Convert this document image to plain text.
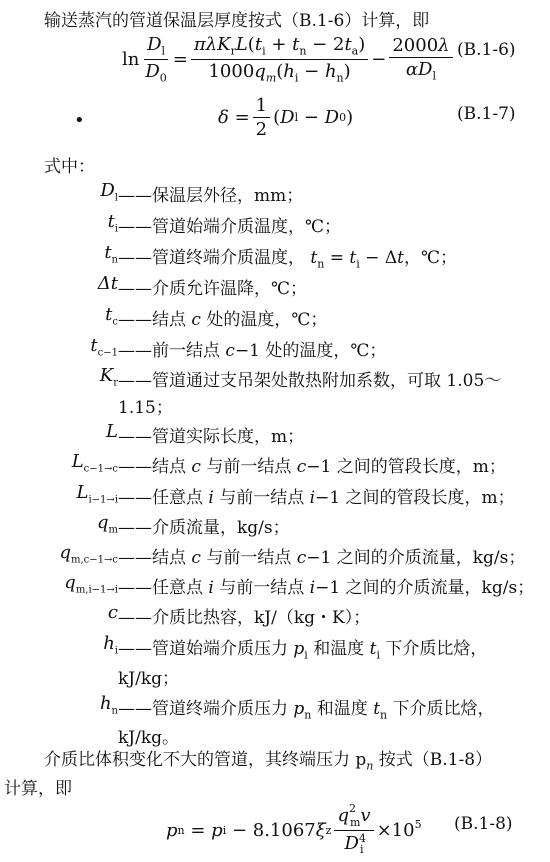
输送蒸汽的管道保温层厚度按式（B.1-6）计算，即
$\ln \frac{D_l}{D_0} = \frac{\pi\lambda K_rL(t_i + t_n - 2t_a)}{1000q_m(h_i - h_n)} - \frac{2000\lambda}{\alpha D_l} (B.1-6)$
$\delta = \frac{1}{2}$ ( D l − D 0 )
•	(B.1-7)
式中：
$D_l$ ——保温层外径，mm；
$t_i$ ——管道始端介质温度，℃；
$t_n$ ——管道终端介质温度， $t_n = t_i - \Delta t$，℃；
Δt ——介质允许温降，℃；
$t_c$ ——结点 c 处的温度，℃；
$t_{c-1}$ ——前一结点 c−1 处的温度，℃；
$K_r$ ——管道通过支吊架处散热附加系数，可取 1.05～
1.15；
L ——管道实际长度，m；
$L_{c-1\to c}$ ——结点 c 与前一结点 c−1 之间的管段长度，m；
$L_{i-1\to i}$ ——任意点 i 与前一结点 i−1 之间的管段长度，m；
$q_m$ ——介质流量，kg/s；
$q_{m,c-1\to c}$ ——结点 c 与前一结点 c−1 之间的介质流量，kg/s；
$q_{m,i-1\to i}$ ——任意点 i 与前一结点 i−1 之间的介质流量，kg/s；
c ——介质比热容，kJ/（kg・K）；
$h_i$ ——管道始端介质压力 $p_i$ 和温度 $t_i$ 下介质比焓，
kJ/kg；
$h_n$ ——管道终端介质压力 $p_n$ 和温度 $t_n$ 下介质比焓，
kJ/kg。
介质比体积变化不大的管道，其终端压力 $p_n$ 按式（B.1-8）
计算，即
p n = p i − 8.1067 ξ z $\frac{q^2_mv}{D^4_i} \times 10^5$ (B.1-8)
